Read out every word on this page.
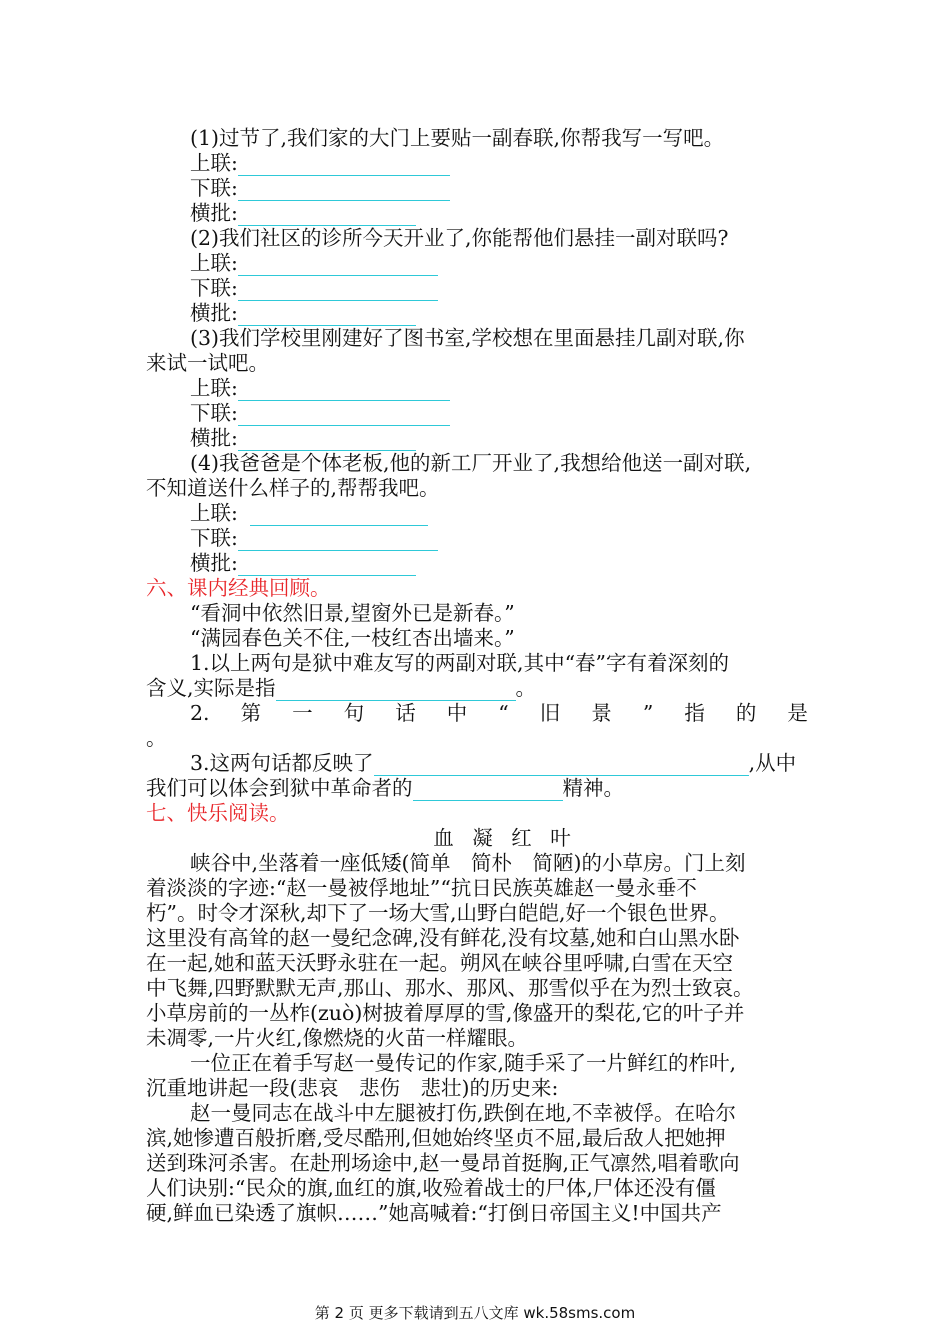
(1)过节了,我们家的大门上要贴一副春联,你帮我写一写吧。
上联:
下联:
横批:
(2)我们社区的诊所今天开业了,你能帮他们悬挂一副对联吗?
上联:
下联:
横批:
(3)我们学校里刚建好了图书室,学校想在里面悬挂几副对联,你
来试一试吧。
上联:
下联:
横批:
(4)我爸爸是个体老板,他的新工厂开业了,我想给他送一副对联,
不知道送什么样子的,帮帮我吧。
上联:
下联:
横批:
六、课内经典回顾。
“看洞中依然旧景,望窗外已是新春。”
“满园春色关不住,一枝红杏出墙来。”
1.以上两句是狱中难友写的两副对联,其中“春”字有着深刻的
含义,实际是指	。
2. 第 一 句 话 中 “ 旧 景 ” 指 的 是
。
3.这两句话都反映了	,从中
我们可以体会到狱中革命者的	精神。
七、快乐阅读。
血 凝 红 叶
峡谷中,坐落着一座低矮(简单　简朴　简陋)的小草房。门上刻
着淡淡的字迹:“赵一曼被俘地址”“抗日民族英雄赵一曼永垂不
朽”。时令才深秋,却下了一场大雪,山野白皑皑,好一个银色世界。
这里没有高耸的赵一曼纪念碑,没有鲜花,没有坟墓,她和白山黑水卧
在一起,她和蓝天沃野永驻在一起。朔风在峡谷里呼啸,白雪在天空
中飞舞,四野默默无声,那山、那水、那风、那雪似乎在为烈士致哀。
小草房前的一丛柞(zuò)树披着厚厚的雪,像盛开的梨花,它的叶子并
未凋零,一片火红,像燃烧的火苗一样耀眼。
一位正在着手写赵一曼传记的作家,随手采了一片鲜红的柞叶,
沉重地讲起一段(悲哀　悲伤　悲壮)的历史来:
赵一曼同志在战斗中左腿被打伤,跌倒在地,不幸被俘。在哈尔
滨,她惨遭百般折磨,受尽酷刑,但她始终坚贞不屈,最后敌人把她押
送到珠河杀害。在赴刑场途中,赵一曼昂首挺胸,正气凛然,唱着歌向
人们诀别:“民众的旗,血红的旗,收殓着战士的尸体,尸体还没有僵
硬,鲜血已染透了旗帜……”她高喊着:“打倒日帝国主义!中国共产
第 2 页 更多下载请到五八文库 wk.58sms.com
